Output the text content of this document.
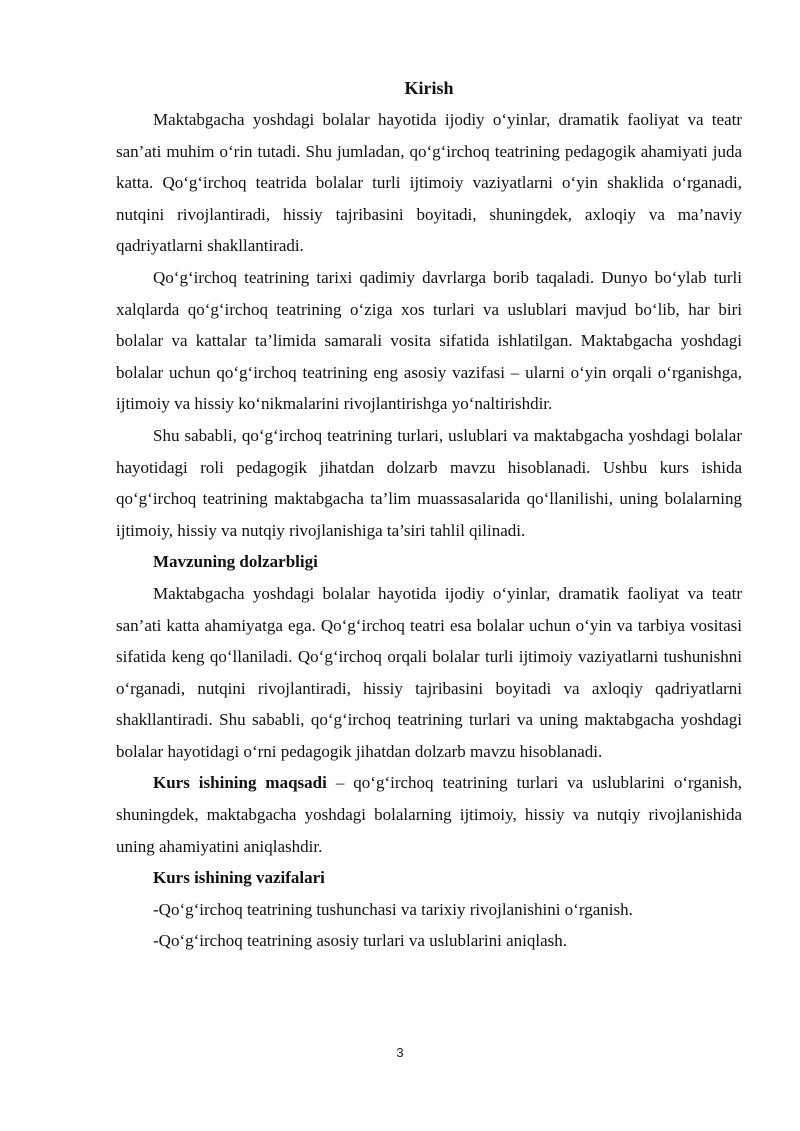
Kirish

Maktabgacha yoshdagi bolalar hayotida ijodiy o‘yinlar, dramatik faoliyat va teatr san’ati muhim o‘rin tutadi. Shu jumladan, qo‘g‘irchoq teatrining pedagogik ahamiyati juda katta. Qo‘g‘irchoq teatrida bolalar turli ijtimoiy vaziyatlarni o‘yin shaklida o‘rganadi, nutqini rivojlantiradi, hissiy tajribasini boyitadi, shuningdek, axloqiy va ma’naviy qadriyatlarni shakllantiradi.

Qo‘g‘irchoq teatrining tarixi qadimiy davrlarga borib taqaladi. Dunyo bo‘ylab turli xalqlarda qo‘g‘irchoq teatrining o‘ziga xos turlari va uslublari mavjud bo‘lib, har biri bolalar va kattalar ta’limida samarali vosita sifatida ishlatilgan. Maktabgacha yoshdagi bolalar uchun qo‘g‘irchoq teatrining eng asosiy vazifasi – ularni o‘yin orqali o‘rganishga, ijtimoiy va hissiy ko‘nikmalarini rivojlantirishga yo‘naltirishdir.

Shu sababli, qo‘g‘irchoq teatrining turlari, uslublari va maktabgacha yoshdagi bolalar hayotidagi roli pedagogik jihatdan dolzarb mavzu hisoblanadi. Ushbu kurs ishida qo‘g‘irchoq teatrining maktabgacha ta’lim muassasalarida qo‘llanilishi, uning bolalarning ijtimoiy, hissiy va nutqiy rivojlanishiga ta’siri tahlil qilinadi.

Mavzuning dolzarbligi

Maktabgacha yoshdagi bolalar hayotida ijodiy o‘yinlar, dramatik faoliyat va teatr san’ati katta ahamiyatga ega. Qo‘g‘irchoq teatri esa bolalar uchun o‘yin va tarbiya vositasi sifatida keng qo‘llaniladi. Qo‘g‘irchoq orqali bolalar turli ijtimoiy vaziyatlarni tushunishni o‘rganadi, nutqini rivojlantiradi, hissiy tajribasini boyitadi va axloqiy qadriyatlarni shakllantiradi. Shu sababli, qo‘g‘irchoq teatrining turlari va uning maktabgacha yoshdagi bolalar hayotidagi o‘rni pedagogik jihatdan dolzarb mavzu hisoblanadi.

Kurs ishining maqsadi – qo‘g‘irchoq teatrining turlari va uslublarini o‘rganish, shuningdek, maktabgacha yoshdagi bolalarning ijtimoiy, hissiy va nutqiy rivojlanishida uning ahamiyatini aniqlashdir.

Kurs ishining vazifalari

-Qo‘g‘irchoq teatrining tushunchasi va tarixiy rivojlanishini o‘rganish.

-Qo‘g‘irchoq teatrining asosiy turlari va uslublarini aniqlash.

3
